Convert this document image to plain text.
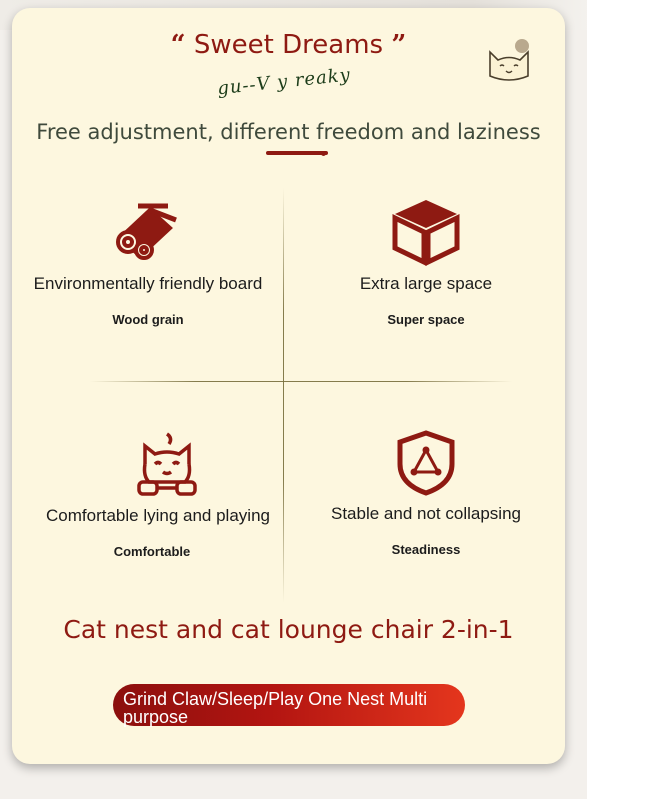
“ Sweet Dreams ”
gu‑‑V y reaky
Free adjustment, different freedom and laziness
Environmentally friendly board
Wood grain
Extra large space
Super space
Comfortable lying and playing
Comfortable
Stable and not collapsing
Steadiness
Cat nest and cat lounge chair 2-in-1
Grind Claw/Sleep/Play One Nest Multi purpose
